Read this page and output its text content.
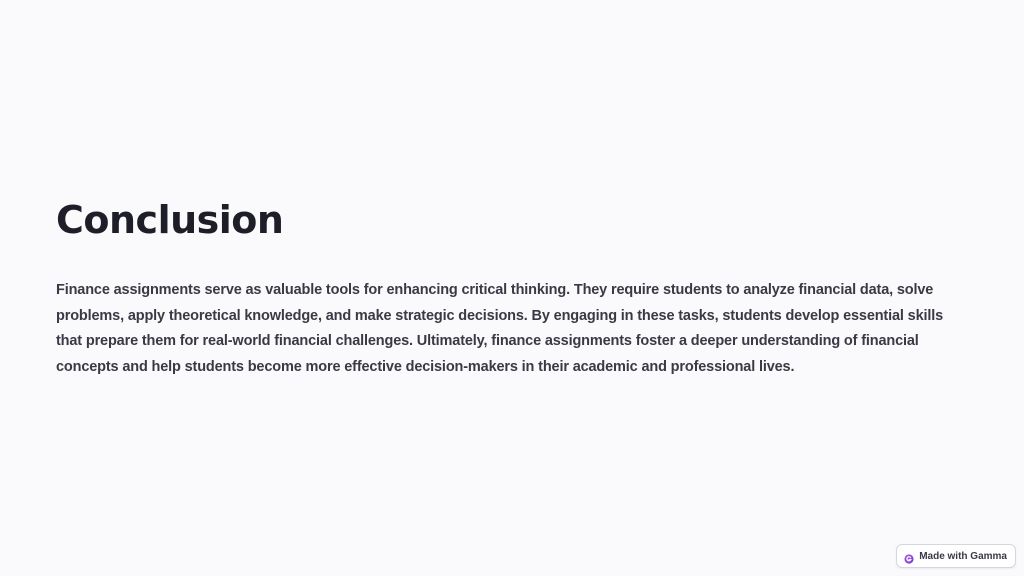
Conclusion

Finance assignments serve as valuable tools for enhancing critical thinking. They require students to analyze financial data, solve problems, apply theoretical knowledge, and make strategic decisions. By engaging in these tasks, students develop essential skills that prepare them for real-world financial challenges. Ultimately, finance assignments foster a deeper understanding of financial concepts and help students become more effective decision-makers in their academic and professional lives.

Made with Gamma
